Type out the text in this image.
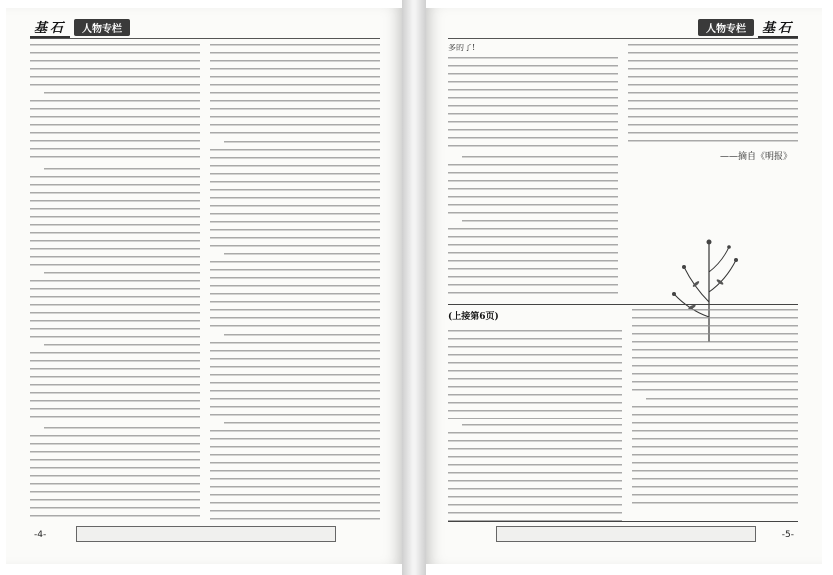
基石	人物专栏
-4-
人物专栏	基石
多的了!
——摘自《明报》
(上接第6页)
-5-
